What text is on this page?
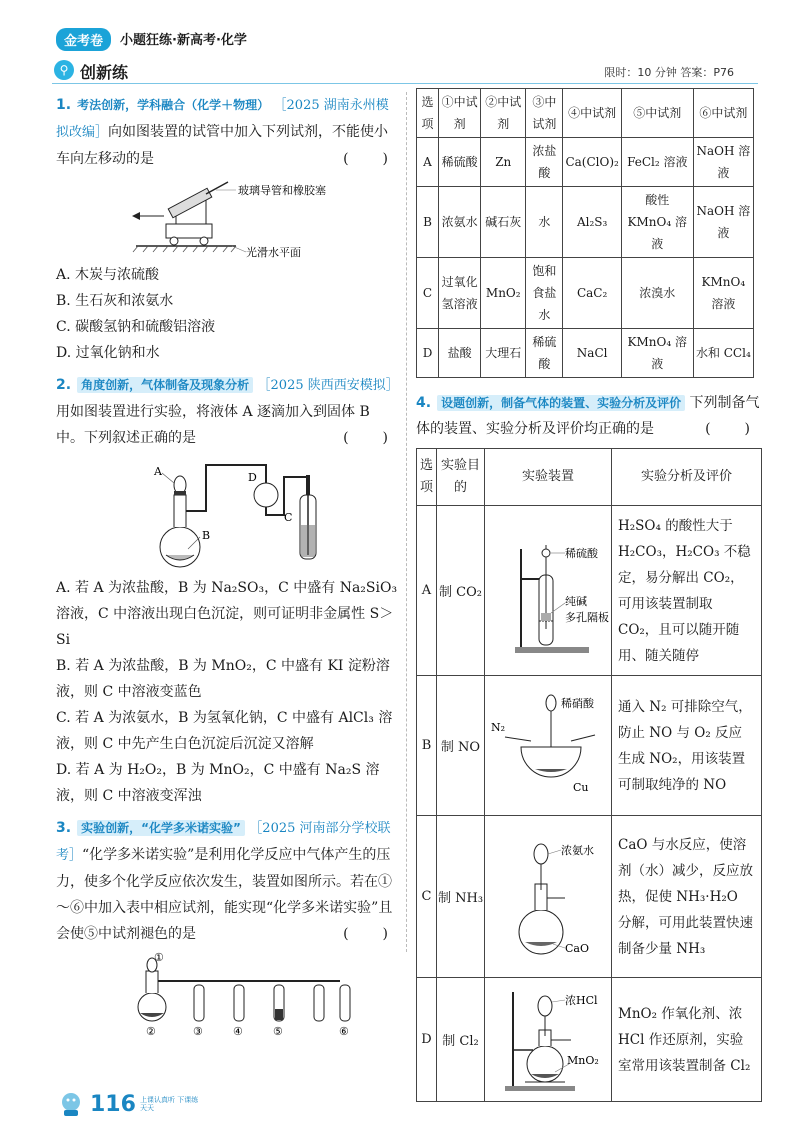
金考卷	小题狂练·新高考·化学
⚲ 创新练	限时：10 分钟 答案：P76
1. 考法创新，学科融合（化学＋物理） ［2025 湖南永州模拟改编］向如图装置的试管中加入下列试剂，不能使小车向左移动的是	(　　)
玻璃导管和橡胶塞
光滑水平面
A. 木炭与浓硫酸
B. 生石灰和浓氨水
C. 碳酸氢钠和硫酸铝溶液
D. 过氧化钠和水
2. 角度创新，气体制备及现象分析 ［2025 陕西西安模拟］
用如图装置进行实验，将液体 A 逐滴加入到固体 B 中。下列叙述正确的是	(　　)
A
B
D
C
A. 若 A 为浓盐酸，B 为 Na₂SO₃，C 中盛有 Na₂SiO₃ 溶液，C 中溶液出现白色沉淀，则可证明非金属性 S＞Si
B. 若 A 为浓盐酸，B 为 MnO₂，C 中盛有 KI 淀粉溶液，则 C 中溶液变蓝色
C. 若 A 为浓氨水，B 为氢氧化钠，C 中盛有 AlCl₃ 溶液，则 C 中先产生白色沉淀后沉淀又溶解
D. 若 A 为 H₂O₂，B 为 MnO₂，C 中盛有 Na₂S 溶液，则 C 中溶液变浑浊
3. 实验创新，“化学多米诺实验” ［2025 河南部分学校联考］“化学多米诺实验”是利用化学反应中气体产生的压力，使多个化学反应依次发生，装置如图所示。若在①～⑥中加入表中相应试剂，能实现“化学多米诺实验”且会使⑤中试剂褪色的是	(　　)
①
②	③	④	⑤	⑥
选项	①中试剂	②中试剂	③中试剂	④中试剂	⑤中试剂	⑥中试剂
A	稀硫酸	Zn	浓盐酸	Ca(ClO)₂	FeCl₂ 溶液	NaOH 溶液
B	浓氨水	碱石灰	水	Al₂S₃	酸性 KMnO₄ 溶液	NaOH 溶液
C	过氧化氢溶液	MnO₂	饱和食盐水	CaC₂	浓溴水	KMnO₄ 溶液
D	盐酸	大理石	稀硫酸	NaCl	KMnO₄ 溶液	水和 CCl₄
4. 设题创新，制备气体的装置、实验分析及评价 下列制备气体的装置、实验分析及评价均正确的是	(　　)
选项	实验目的	实验装置	实验分析及评价
A	制 CO₂	稀硫酸
纯碱
多孔隔板	H₂SO₄ 的酸性大于 H₂CO₃，H₂CO₃ 不稳定，易分解出 CO₂，可用该装置制取 CO₂，且可以随开随用、随关随停
B	制 NO	稀硝酸
N₂
Cu	通入 N₂ 可排除空气，防止 NO 与 O₂ 反应生成 NO₂，用该装置可制取纯净的 NO
C	制 NH₃	浓氨水
CaO	CaO 与水反应，使溶剂（水）减少，反应放热，促使 NH₃·H₂O 分解，可用此装置快速制备少量 NH₃
D	制 Cl₂	浓HCl
MnO₂	MnO₂ 作氧化剂、浓 HCl 作还原剂，实验室常用该装置制备 Cl₂
116 上课认真听 下课练天天
